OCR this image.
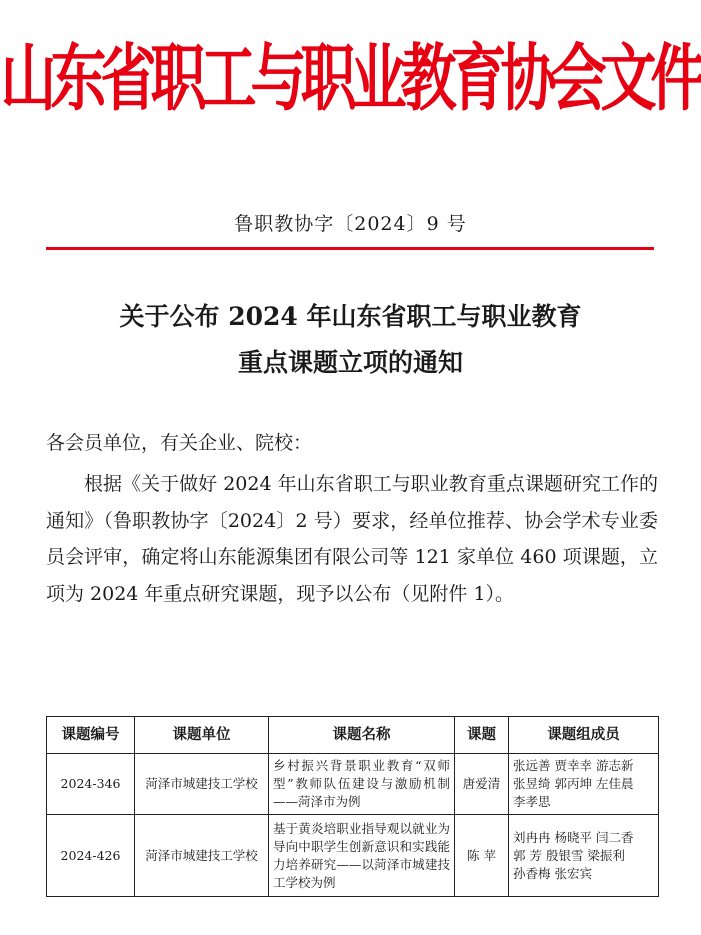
山东省职工与职业教育协会文件
鲁职教协字〔2024〕9 号
关于公布 2024 年山东省职工与职业教育
重点课题立项的通知
各会员单位，有关企业、院校：
根据《关于做好 2024 年山东省职工与职业教育重点课题研究工作的通知》（鲁职教协字〔2024〕2 号）要求，经单位推荐、协会学术专业委员会评审，确定将山东能源集团有限公司等 121 家单位 460 项课题，立项为 2024 年重点研究课题，现予以公布（见附件 1）。
课题编号	课题单位	课题名称	课题	课题组成员
2024-346	菏泽市城建技工学校	乡村振兴背景职业教育“双师型”教师队伍建设与激励机制——菏泽市为例	唐爱清	张远善 贾幸幸 游志新
张昱绮 郭丙坤 左佳晨
李孝思

2024-426	菏泽市城建技工学校	基于黄炎培职业指导观以就业为导向中职学生创新意识和实践能力培养研究——以菏泽市城建技工学校为例	陈 苹	刘冉冉 杨晓平 闫二香
郭 芳 殷银雪 梁振利
孙香梅 张宏宾
